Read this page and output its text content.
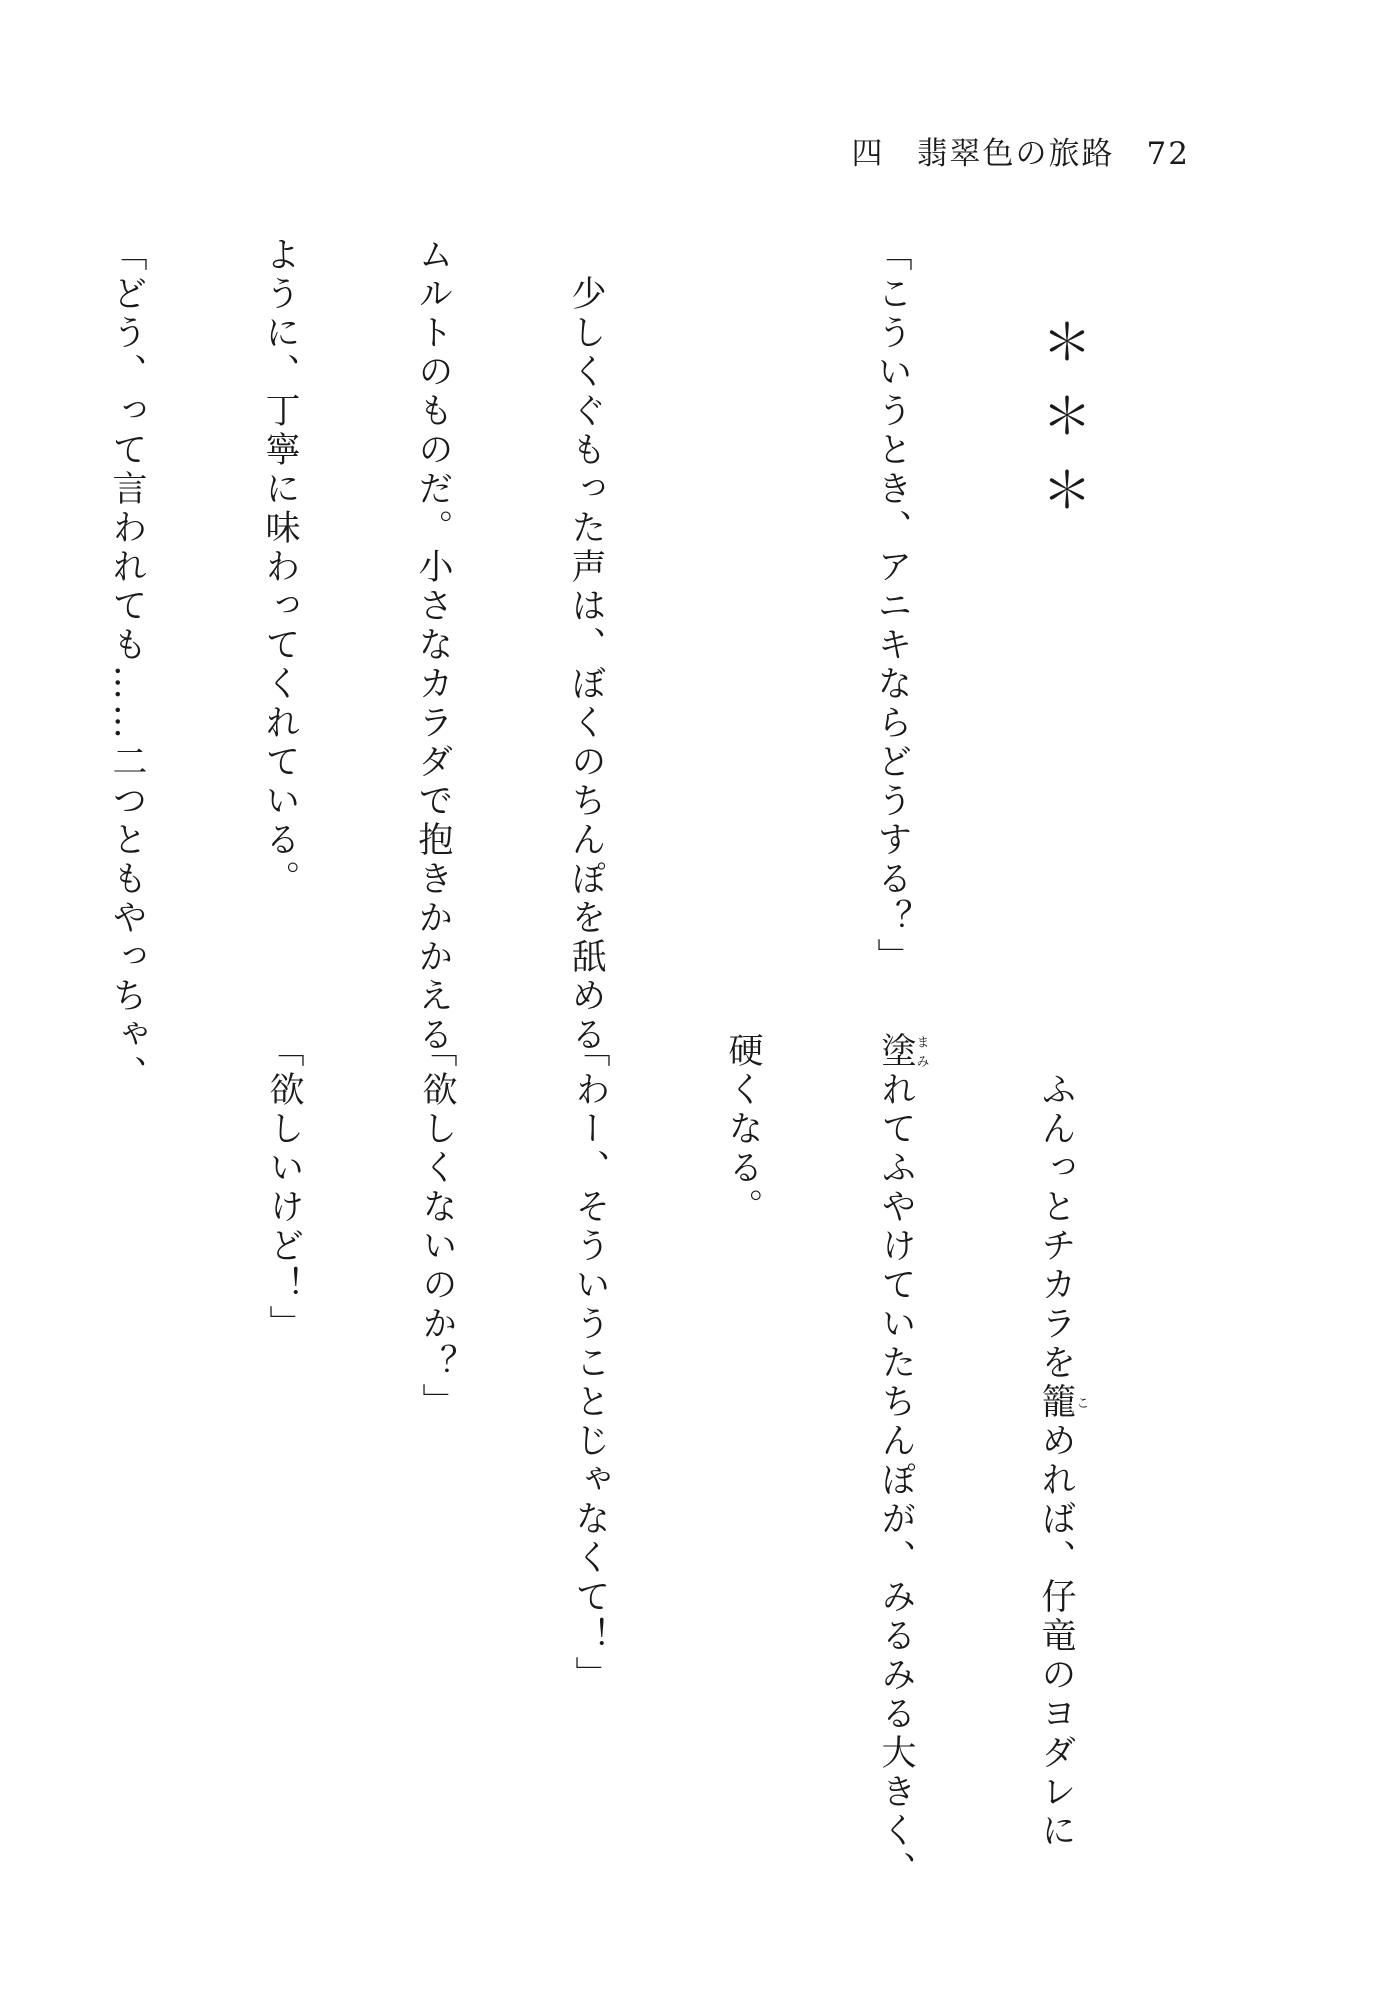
四 翡翠色の旅路 72

＊＊＊

「こういうとき、アニキならどうする？」

　少しくぐもった声は、ぼくのちんぽを舐める

ムルトのものだ。小さなカラダで抱きかかえる

ように、丁寧に味わってくれている。

「どう、って言われても……二つともやっちゃ、

　ふんっとチカラを籠こめれば、仔竜のヨダレに

塗まみれてふやけていたちんぽが、みるみる大きく、

硬くなる。

「わー、そういうことじゃなくて！」

「欲しくないのか？」

「欲しいけど！」
